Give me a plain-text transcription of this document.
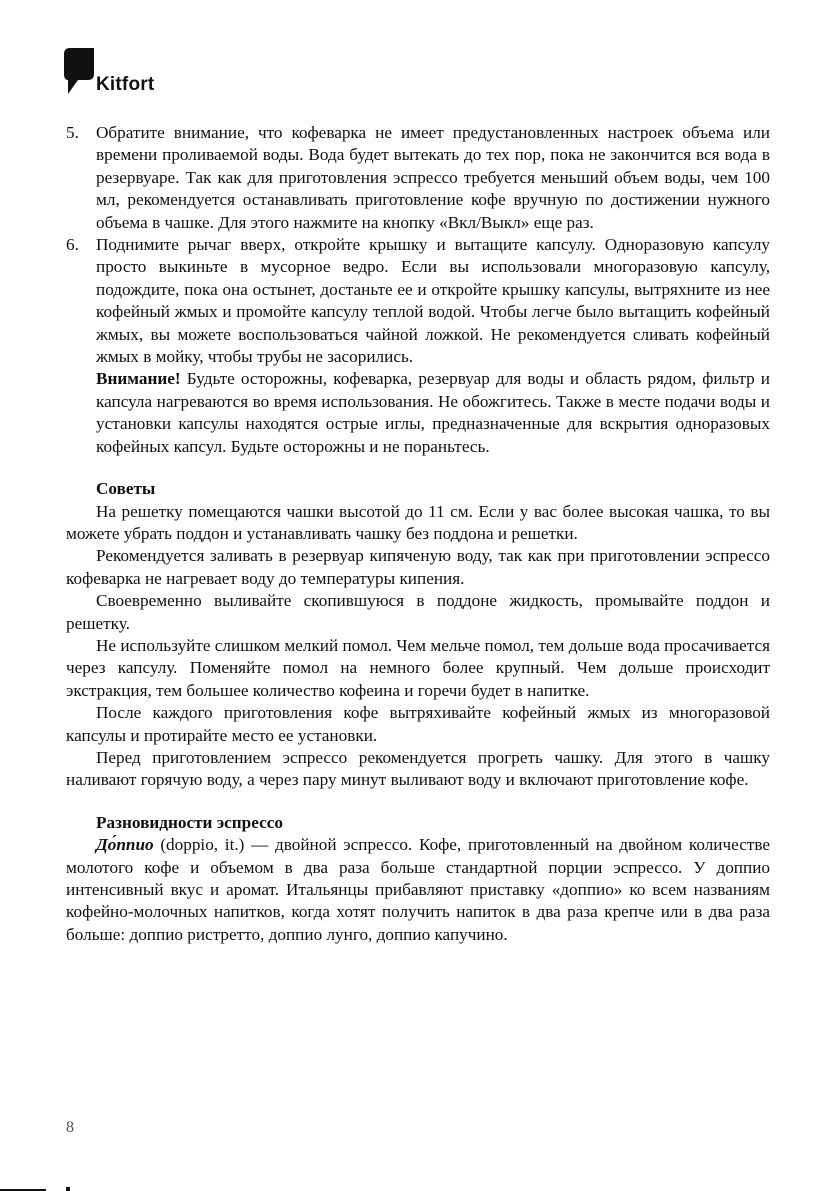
Kitfort
5. Обратите внимание, что кофеварка не имеет предустановленных настроек объема или времени проливаемой воды. Вода будет вытекать до тех пор, пока не закончится вся вода в резервуаре. Так как для приготовления эспрессо требуется меньший объем воды, чем 100 мл, рекомендуется останавливать приготовление кофе вручную по достижении нужного объема в чашке. Для этого нажмите на кнопку «Вкл/Выкл» еще раз.

6. Поднимите рычаг вверх, откройте крышку и вытащите капсулу. Одноразовую капсулу просто выкиньте в мусорное ведро. Если вы использовали многоразовую капсулу, подождите, пока она остынет, достаньте ее и откройте крышку капсулы, вытряхните из нее кофейный жмых и промойте капсулу теплой водой. Чтобы легче было вытащить кофейный жмых, вы можете воспользоваться чайной ложкой. Не рекомендуется сливать кофейный жмых в мойку, чтобы трубы не засорились.

Внимание! Будьте осторожны, кофеварка, резервуар для воды и область рядом, фильтр и капсула нагреваются во время использования. Не обожгитесь. Также в месте подачи воды и установки капсулы находятся острые иглы, предназначенные для вскрытия одноразовых кофейных капсул. Будьте осторожны и не пораньтесь.

Советы

На решетку помещаются чашки высотой до 11 см. Если у вас более высокая чашка, то вы можете убрать поддон и устанавливать чашку без поддона и решетки.

Рекомендуется заливать в резервуар кипяченую воду, так как при приготовлении эспрессо кофеварка не нагревает воду до температуры кипения.

Своевременно выливайте скопившуюся в поддоне жидкость, промывайте поддон и решетку.

Не используйте слишком мелкий помол. Чем мельче помол, тем дольше вода просачивается через капсулу. Поменяйте помол на немного более крупный. Чем дольше происходит экстракция, тем большее количество кофеина и горечи будет в напитке.

После каждого приготовления кофе вытряхивайте кофейный жмых из многоразовой капсулы и протирайте место ее установки.

Перед приготовлением эспрессо рекомендуется прогреть чашку. Для этого в чашку наливают горячую воду, а через пару минут выливают воду и включают приготовление кофе.

Разновидности эспрессо

До́ппио (doppio, it.) — двойной эспрессо. Кофе, приготовленный на двойном количестве молотого кофе и объемом в два раза больше стандартной порции эспрессо. У доппио интенсивный вкус и аромат. Итальянцы прибавляют приставку «доппио» ко всем названиям кофейно-молочных напитков, когда хотят получить напиток в два раза крепче или в два раза больше: доппио ристретто, доппио лунго, доппио капучино.

8
